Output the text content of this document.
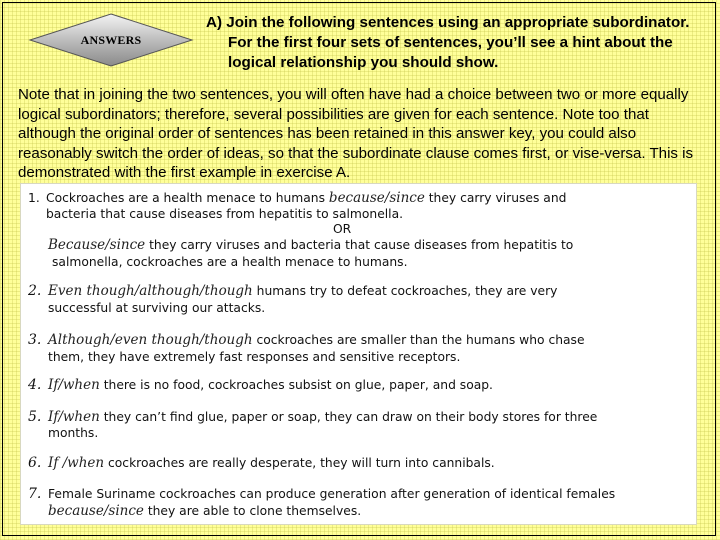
ANSWERS
A) Join the following sentences using an appropriate subordinator. For the first four sets of sentences, you’ll see a hint about the logical relationship you should show.
Note that in joining the two sentences, you will often have had a choice between two or more equally logical subordinators; therefore, several possibilities are given for each sentence. Note too that although the original order of sentences has been retained in this answer key, you could also reasonably switch the order of ideas, so that the subordinate clause comes first, or vise-versa. This is demonstrated with the first example in exercise A.
1. Cockroaches are a health menace to humans because/since they carry viruses and
bacteria that cause diseases from hepatitis to salmonella.
OR
Because/since they carry viruses and bacteria that cause diseases from hepatitis to
salmonella, cockroaches are a health menace to humans.
2. Even though/although/though humans try to defeat cockroaches, they are very
successful at surviving our attacks.
3. Although/even though/though cockroaches are smaller than the humans who chase
them, they have extremely fast responses and sensitive receptors.
4. If/when there is no food, cockroaches subsist on glue, paper, and soap.
5. If/when they can’t find glue, paper or soap, they can draw on their body stores for three
months.
6. If /when cockroaches are really desperate, they will turn into cannibals.
7. Female Suriname cockroaches can produce generation after generation of identical females
because/since they are able to clone themselves.
